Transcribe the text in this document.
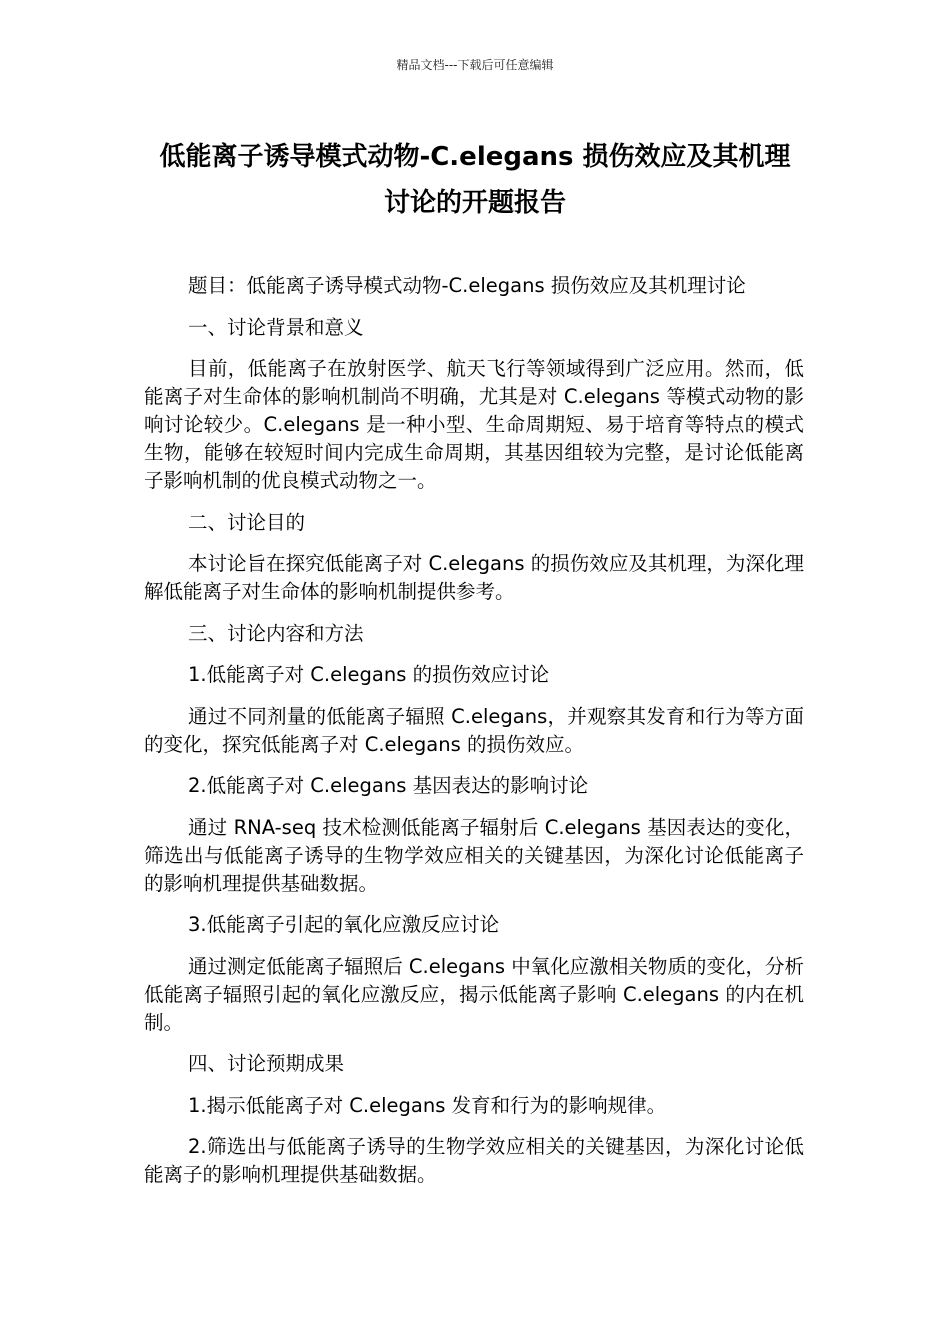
精品文档---下载后可任意编辑
低能离子诱导模式动物-C.elegans 损伤效应及其机理
讨论的开题报告

题目：低能离子诱导模式动物-C.elegans 损伤效应及其机理讨论

一、讨论背景和意义

目前，低能离子在放射医学、航天飞行等领域得到广泛应用。然而，低能离子对生命体的影响机制尚不明确，尤其是对 C.elegans 等模式动物的影响讨论较少。C.elegans 是一种小型、生命周期短、易于培育等特点的模式生物，能够在较短时间内完成生命周期，其基因组较为完整，是讨论低能离子影响机制的优良模式动物之一。

二、讨论目的

本讨论旨在探究低能离子对 C.elegans 的损伤效应及其机理，为深化理解低能离子对生命体的影响机制提供参考。

三、讨论内容和方法

1.低能离子对 C.elegans 的损伤效应讨论

通过不同剂量的低能离子辐照 C.elegans，并观察其发育和行为等方面的变化，探究低能离子对 C.elegans 的损伤效应。

2.低能离子对 C.elegans 基因表达的影响讨论

通过 RNA-seq 技术检测低能离子辐射后 C.elegans 基因表达的变化，筛选出与低能离子诱导的生物学效应相关的关键基因，为深化讨论低能离子的影响机理提供基础数据。

3.低能离子引起的氧化应激反应讨论

通过测定低能离子辐照后 C.elegans 中氧化应激相关物质的变化，分析低能离子辐照引起的氧化应激反应，揭示低能离子影响 C.elegans 的内在机制。

四、讨论预期成果

1.揭示低能离子对 C.elegans 发育和行为的影响规律。

2.筛选出与低能离子诱导的生物学效应相关的关键基因，为深化讨论低能离子的影响机理提供基础数据。
